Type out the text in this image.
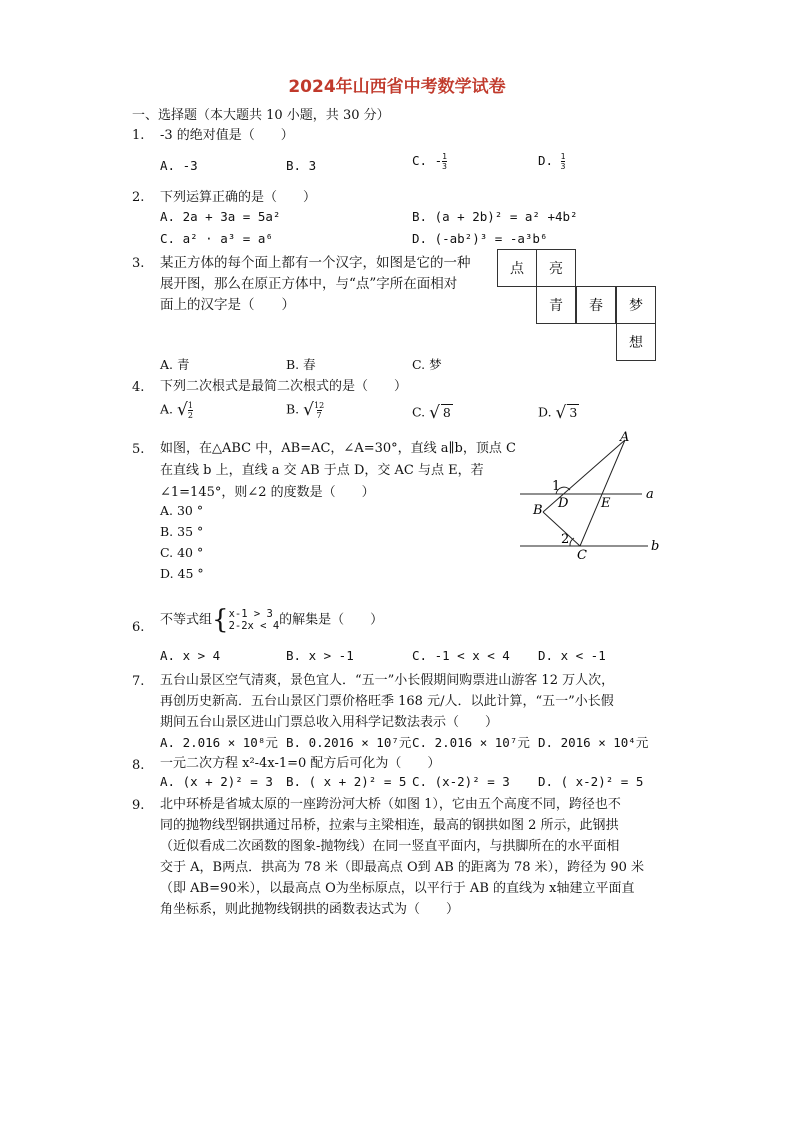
2024年山西省中考数学试卷
一、选择题（本大题共 10 小题，共 30 分）
1. -3 的绝对值是（　　）
A. -3	B. 3	C. - $\frac{1}{3}$	D. $\frac{1}{3}$
2. 下列运算正确的是（　　）
A. 2a + 3a = 5a²	B. (a + 2b)² = a² +4b²
C. a² · a³ = a⁶	D. (-ab²)³ = -a³b⁶
3. 某正方体的每个面上都有一个汉字，如图是它的一种
展开图，那么在原正方体中，与“点”字所在面相对
面上的汉字是（　　）
点	亮
青	春	梦
想
A. 青	B. 春	C. 梦
4. 下列二次根式是最简二次根式的是（　　）
A. √ $\frac{1}{2}$	B. √ $\frac{12}{7}$	C. √ 8	D. √ 3
5. 如图，在△ABC 中，AB=AC，∠A=30°，直线 a∥b，顶点 C
在直线 b 上，直线 a 交 AB 于点 D，交 AC 与点 E，若
∠1=145°，则∠2 的度数是（　　）
A. 30 °
B. 35 °
C. 40 °
D. 45 °
A
B
C
D	E
1
2
a
b
6. 不等式组{ x-1 > 3
2-2x < 4 的解集是（　　）
A. x > 4	B. x > -1	C. -1 < x < 4 D. x < -1
7. 五台山景区空气清爽，景色宜人．“五一”小长假期间购票进山游客 12 万人次，
再创历史新高．五台山景区门票价格旺季 168 元/人．以此计算，“五一”小长假
期间五台山景区进山门票总收入用科学记数法表示（　　）
A. 2.016 × 10⁸元 B. 0.2016 × 10⁷元 C. 2.016 × 10⁷元 D. 2016 × 10⁴元
8. 一元二次方程 x²-4x-1=0 配方后可化为（　　）
A. (x + 2)² = 3 B. ( x + 2)² = 5 C. (x-2)² = 3 D. ( x-2)² = 5
9. 北中环桥是省城太原的一座跨汾河大桥（如图 1），它由五个高度不同，跨径也不
同的抛物线型钢拱通过吊桥，拉索与主梁相连，最高的钢拱如图 2 所示，此钢拱
（近似看成二次函数的图象-抛物线）在同一竖直平面内，与拱脚所在的水平面相
交于 A，B两点．拱高为 78 米（即最高点 O到 AB 的距离为 78 米），跨径为 90 米
（即 AB=90米），以最高点 O为坐标原点，以平行于 AB 的直线为 x轴建立平面直
角坐标系，则此抛物线钢拱的函数表达式为（　　）
